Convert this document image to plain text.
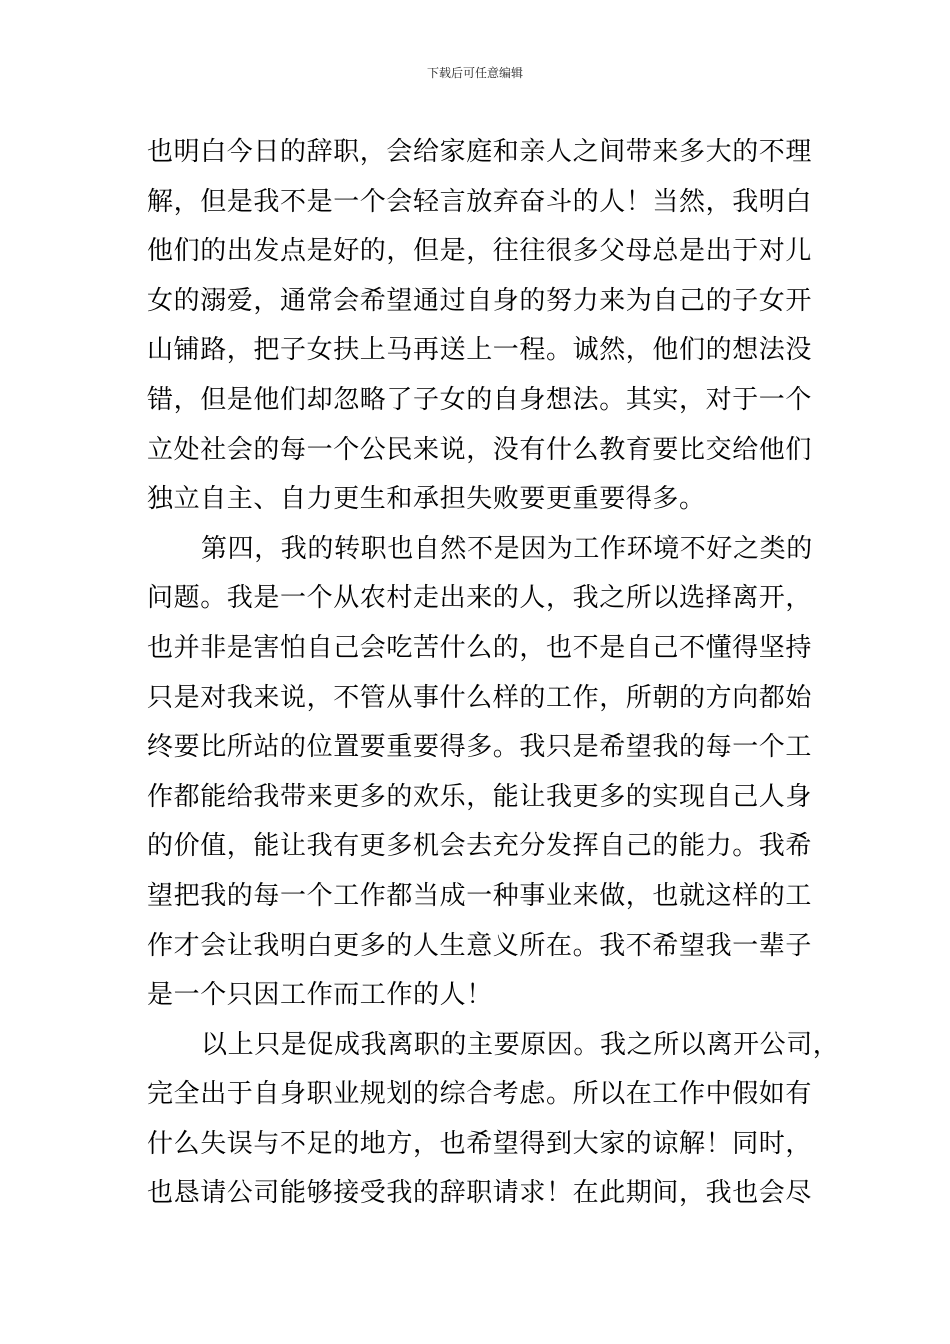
下载后可任意编辑
也明白今日的辞职，会给家庭和亲人之间带来多大的不理
解，但是我不是一个会轻言放弃奋斗的人！当然，我明白
他们的出发点是好的，但是，往往很多父母总是出于对儿
女的溺爱，通常会希望通过自身的努力来为自己的子女开
山铺路，把子女扶上马再送上一程。诚然，他们的想法没
错，但是他们却忽略了子女的自身想法。其实，对于一个
立处社会的每一个公民来说，没有什么教育要比交给他们
独立自主、自力更生和承担失败要更重要得多。
第四，我的转职也自然不是因为工作环境不好之类的
问题。我是一个从农村走出来的人，我之所以选择离开，
也并非是害怕自己会吃苦什么的，也不是自己不懂得坚持
只是对我来说，不管从事什么样的工作，所朝的方向都始
终要比所站的位置要重要得多。我只是希望我的每一个工
作都能给我带来更多的欢乐，能让我更多的实现自己人身
的价值，能让我有更多机会去充分发挥自己的能力。我希
望把我的每一个工作都当成一种事业来做，也就这样的工
作才会让我明白更多的人生意义所在。我不希望我一辈子
是一个只因工作而工作的人！
以上只是促成我离职的主要原因。我之所以离开公司，
完全出于自身职业规划的综合考虑。所以在工作中假如有
什么失误与不足的地方，也希望得到大家的谅解！同时，
也恳请公司能够接受我的辞职请求！在此期间，我也会尽
